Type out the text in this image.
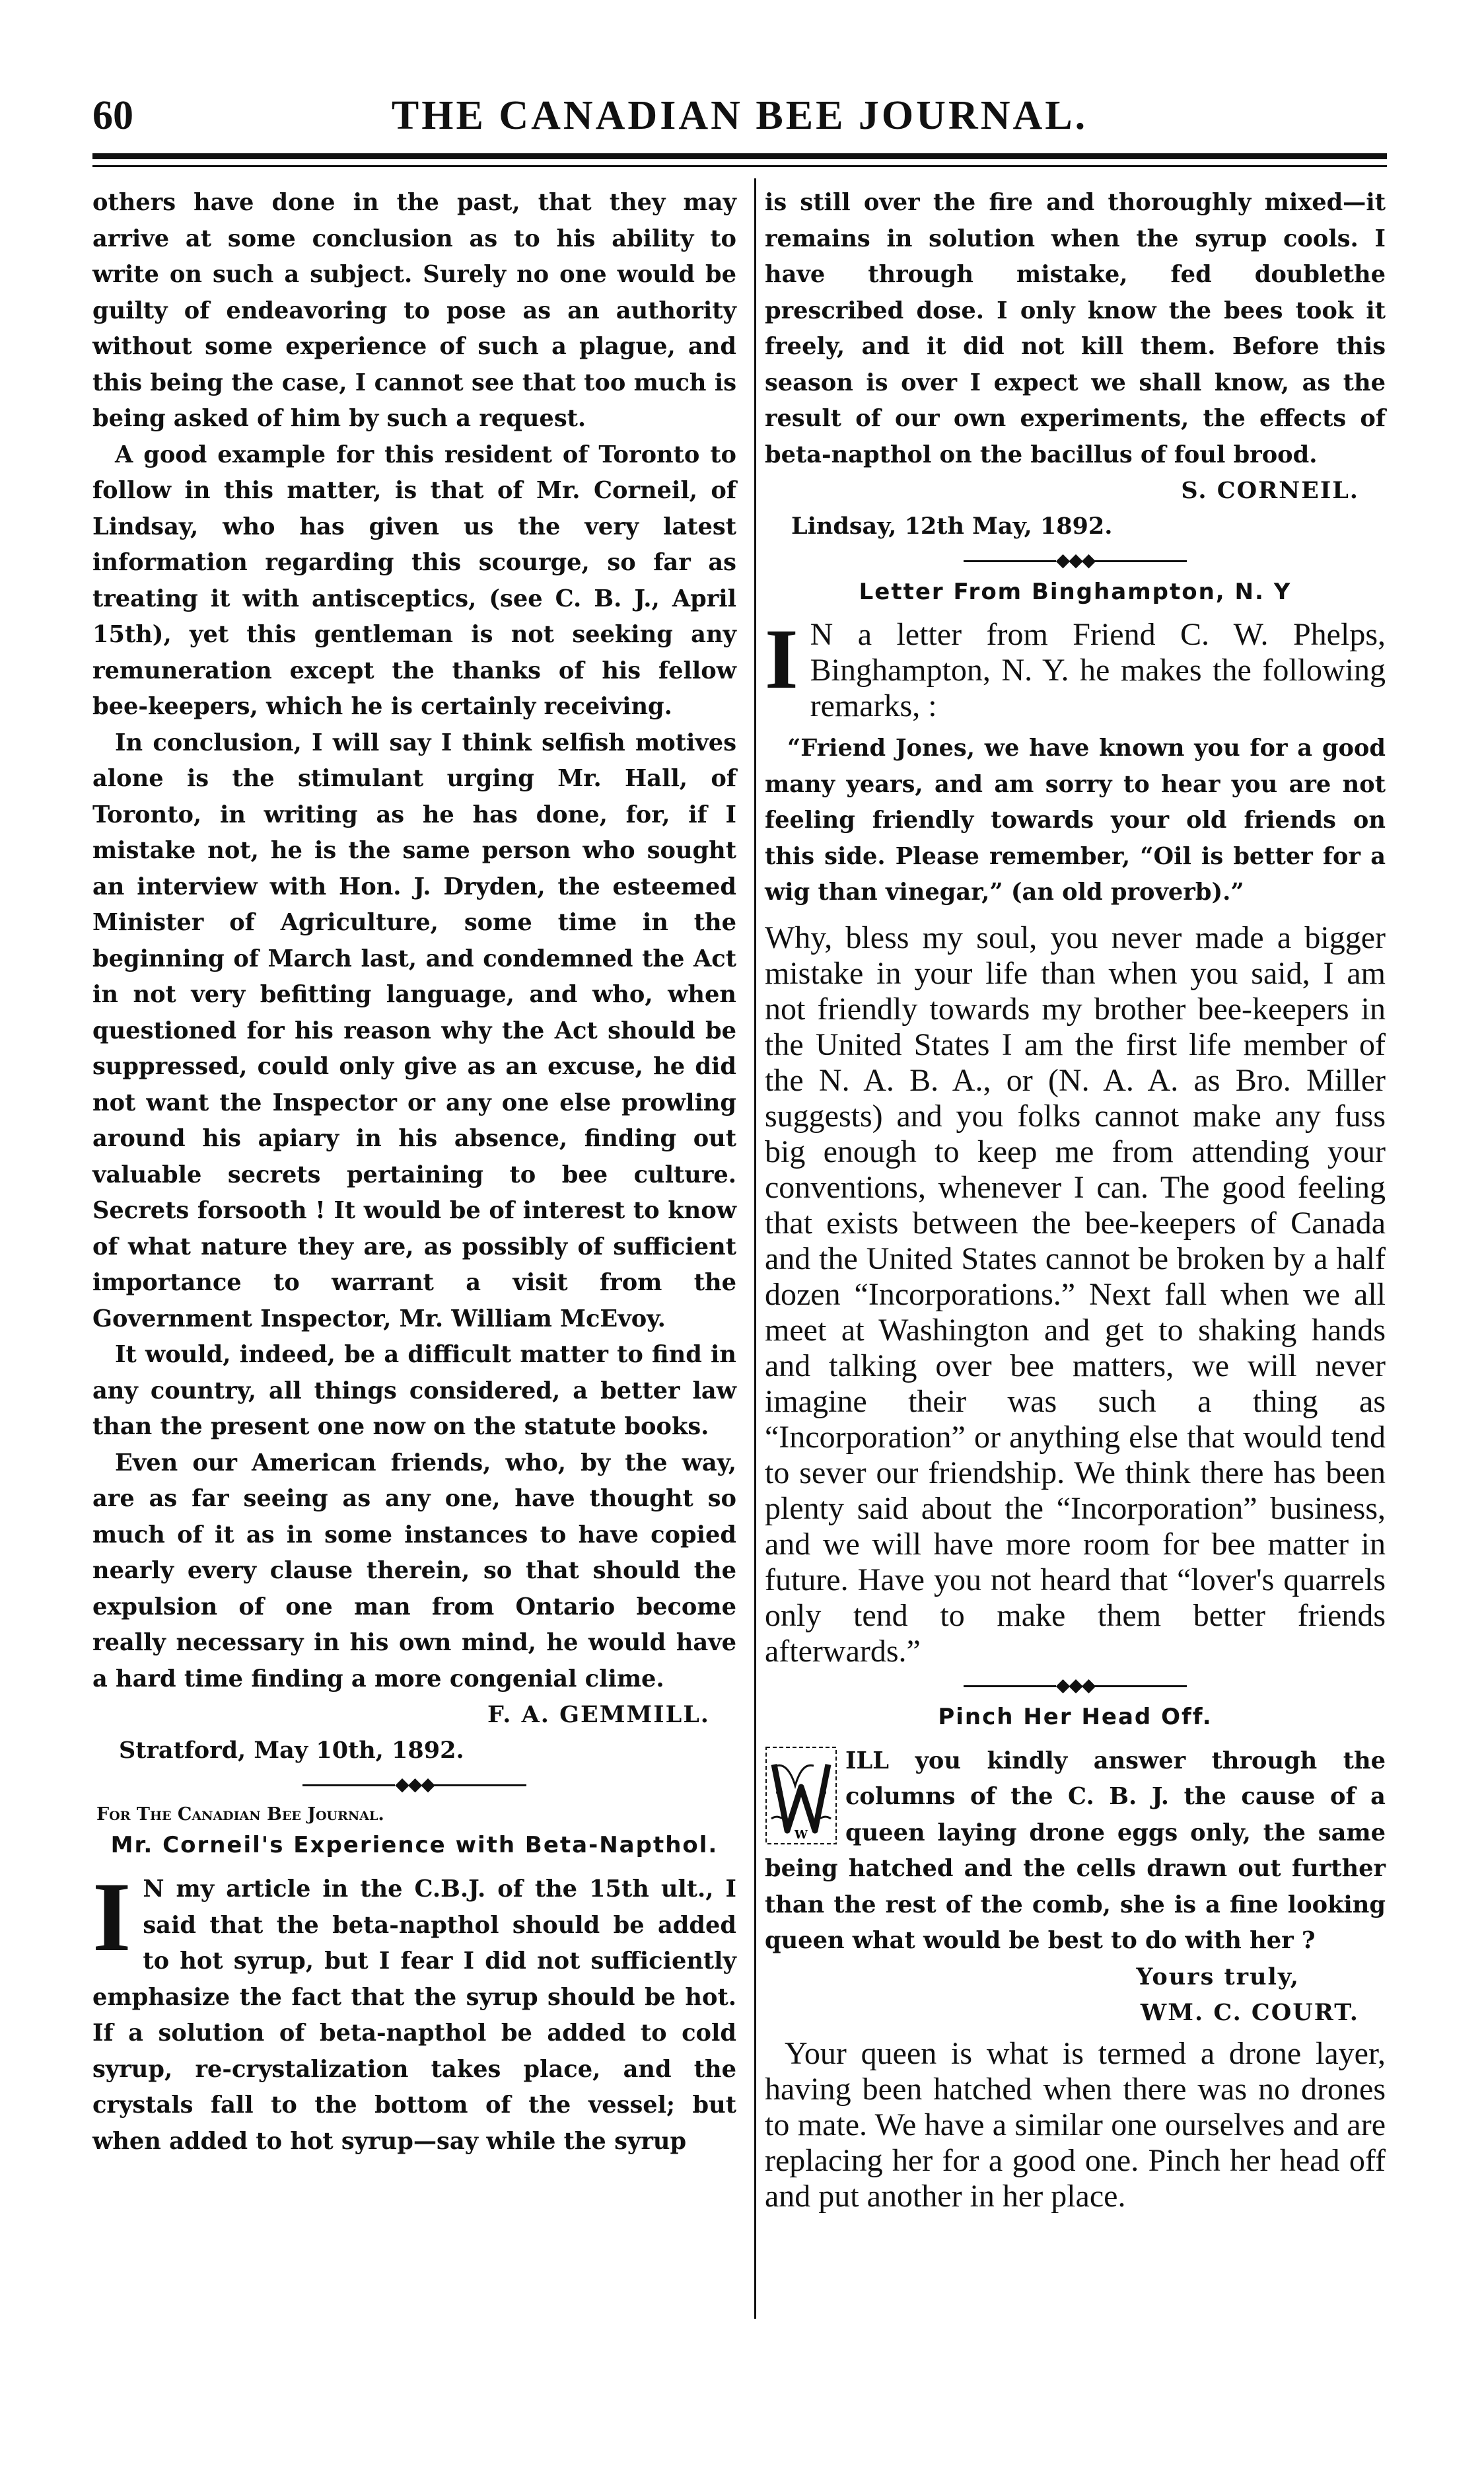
60	THE CANADIAN BEE JOURNAL.

others have done in the past, that they may arrive at some conclusion as to his ability to write on such a subject. Surely no one would be guilty of endeavoring to pose as an authority without some experience of such a plague, and this being the case, I cannot see that too much is being asked of him by such a request.

A good example for this resident of Toronto to follow in this matter, is that of Mr. Corneil, of Lindsay, who has given us the very latest information regarding this scourge, so far as treating it with antisceptics, (see C. B. J., April 15th), yet this gentleman is not seeking any remuneration except the thanks of his fellow bee-keepers, which he is certainly receiving.

In conclusion, I will say I think selfish motives alone is the stimulant urging Mr. Hall, of Toronto, in writing as he has done, for, if I mistake not, he is the same person who sought an interview with Hon. J. Dryden, the esteemed Minister of Agriculture, some time in the beginning of March last, and condemned the Act in not very befitting language, and who, when questioned for his reason why the Act should be suppressed, could only give as an excuse, he did not want the Inspector or any one else prowling around his apiary in his absence, finding out valuable secrets pertaining to bee culture. Secrets forsooth ! It would be of interest to know of what nature they are, as possibly of sufficient importance to warrant a visit from the Government Inspector, Mr. William McEvoy.

It would, indeed, be a difficult matter to find in any country, all things considered, a better law than the present one now on the statute books.

Even our American friends, who, by the way, are as far seeing as any one, have thought so much of it as in some instances to have copied nearly every clause therein, so that should the expulsion of one man from Ontario become really necessary in his own mind, he would have a hard time finding a more congenial clime.

F. A. GEMMILL.
Stratford, May 10th, 1892.
◆◆◆
For The Canadian Bee Journal.
Mr. Corneil's Experience with Beta-Napthol.
I N my article in the C.B.J. of the 15th ult., I said that the beta-napthol should be added to hot syrup, but I fear I did not sufficiently emphasize the fact that the syrup should be hot. If a solution of beta-napthol be added to cold syrup, re-crystalization takes place, and the crystals fall to the bottom of the vessel; but when added to hot syrup—say while the syrup

is still over the fire and thoroughly mixed—it remains in solution when the syrup cools. I have through mistake, fed doublethe prescribed dose. I only know the bees took it freely, and it did not kill them. Before this season is over I expect we shall know, as the result of our own experiments, the effects of beta-napthol on the bacillus of foul brood.

S. CORNEIL.
Lindsay, 12th May, 1892.
◆◆◆
Letter From Binghampton, N. Y
I N a letter from Friend C. W. Phelps, Binghampton, N. Y. he makes the following remarks, :

“Friend Jones, we have known you for a good many years, and am sorry to hear you are not feeling friendly towards your old friends on this side. Please remember, “Oil is better for a wig than vinegar,” (an old proverb).”

Why, bless my soul, you never made a bigger mistake in your life than when you said, I am not friendly towards my brother bee-keepers in the United States I am the first life member of the N. A. B. A., or (N. A. A. as Bro. Miller suggests) and you folks cannot make any fuss big enough to keep me from attending your conventions, whenever I can. The good feeling that exists between the bee-keepers of Canada and the United States cannot be broken by a half dozen “Incorporations.” Next fall when we all meet at Washington and get to shaking hands and talking over bee matters, we will never imagine their was such a thing as “Incorporation” or anything else that would tend to sever our friendship. We think there has been plenty said about the “Incorporation” business, and we will have more room for bee matter in future. Have you not heard that “lover's quarrels only tend to make them better friends afterwards.”

◆◆◆
Pinch Her Head Off.
W

ILL you kindly answer through the columns of the C. B. J. the cause of a queen laying drone eggs only, the same being hatched and the cells drawn out further than the rest of the comb, she is a fine looking queen what would be best to do with her ?

Yours truly,
WM. C. COURT.

Your queen is what is termed a drone layer, having been hatched when there was no drones to mate. We have a similar one ourselves and are replacing her for a good one. Pinch her head off and put another in her place.
